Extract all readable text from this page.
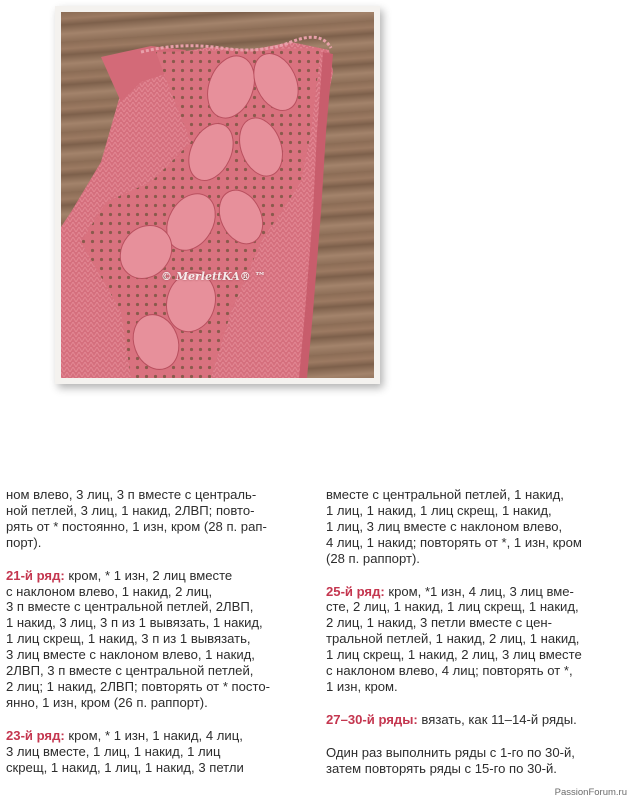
© MerlettKA® ™
ном влево, 3 лиц, 3 п вместе с централь-
ной петлей, 3 лиц, 1 накид, 2ЛВП; повто-
рять от * постоянно, 1 изн, кром (28 п. рап-
порт).
21-й ряд: кром, * 1 изн, 2 лиц вместе
с наклоном влево, 1 накид, 2 лиц,
3 п вместе с центральной петлей, 2ЛВП,
1 накид, 3 лиц, 3 п из 1 вывязать, 1 накид,
1 лиц скрещ, 1 накид, 3 п из 1 вывязать,
3 лиц вместе с наклоном влево, 1 накид,
2ЛВП, 3 п вместе с центральной петлей,
2 лиц; 1 накид, 2ЛВП; повторять от * посто-
янно, 1 изн, кром (26 п. раппорт).
23-й ряд: кром, * 1 изн, 1 накид, 4 лиц,
3 лиц вместе, 1 лиц, 1 накид, 1 лиц
скрещ, 1 накид, 1 лиц, 1 накид, 3 петли
вместе с центральной петлей, 1 накид,
1 лиц, 1 накид, 1 лиц скрещ, 1 накид,
1 лиц, 3 лиц вместе с наклоном влево,
4 лиц, 1 накид; повторять от *, 1 изн, кром
(28 п. раппорт).
25-й ряд: кром, *1 изн, 4 лиц, 3 лиц вме-
сте, 2 лиц, 1 накид, 1 лиц скрещ, 1 накид,
2 лиц, 1 накид, 3 петли вместе с цен-
тральной петлей, 1 накид, 2 лиц, 1 накид,
1 лиц скрещ, 1 накид, 2 лиц, 3 лиц вместе
с наклоном влево, 4 лиц; повторять от *,
1 изн, кром.
27–30-й ряды: вязать, как 11–14-й ряды.
Один раз выполнить ряды с 1-го по 30-й,
затем повторять ряды с 15-го по 30-й.
PassionForum.ru
